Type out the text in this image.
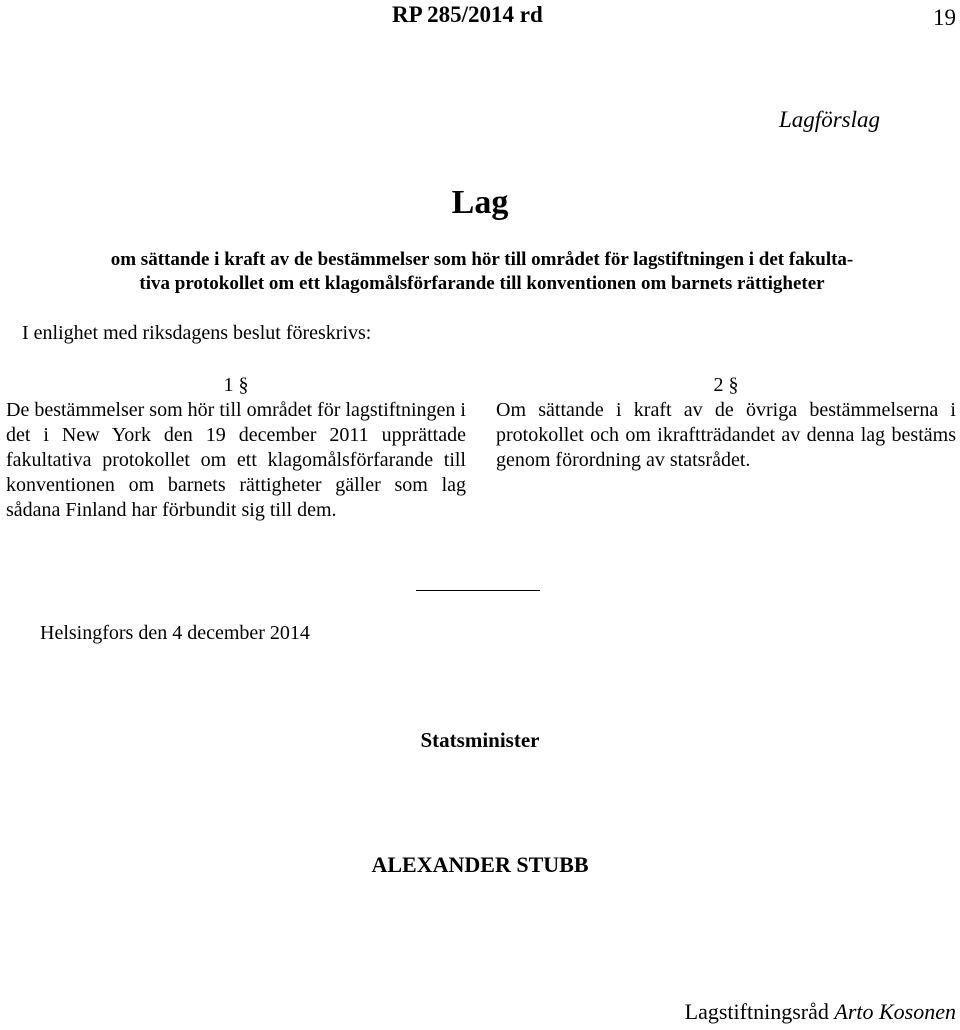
RP 285/2014 rd	19
Lagförslag
Lag
om sättande i kraft av de bestämmelser som hör till området för lagstiftningen i det fakulta-
tiva protokollet om ett klagomålsförfarande till konventionen om barnets rättigheter
I enlighet med riksdagens beslut föreskrivs:
1 §
De bestämmelser som hör till området för lagstiftningen i det i New York den 19 december 2011 upprättade fakultativa protokollet om ett klagomålsförfarande till konventionen om barnets rättigheter gäller som lag sådana Finland har förbundit sig till dem.
2 §
Om sättande i kraft av de övriga bestämmelserna i protokollet och om ikraftträdandet av denna lag bestäms genom förordning av statsrådet.
Helsingfors den 4 december 2014
Statsminister
ALEXANDER STUBB
Lagstiftningsråd Arto Kosonen
